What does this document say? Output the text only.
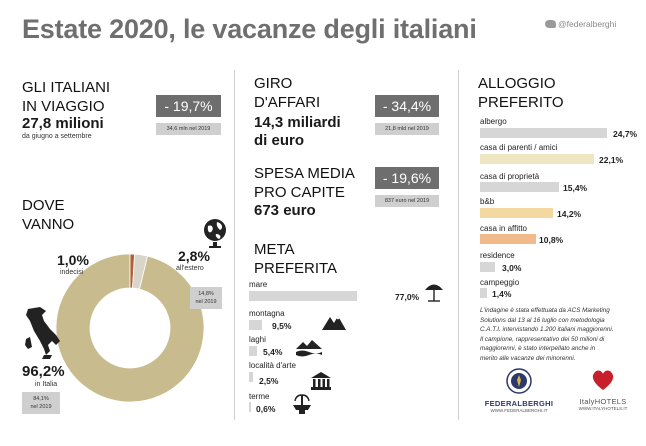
Estate 2020, le vacanze degli italiani	@federalberghi
GLI ITALIANI
IN VIAGGIO
27,8 milioni
da giugno a settembre
- 19,7%
34,6 mln nel 2019
DOVE
VANNO
1,0%
indecisi
2,8%
all'estero
14,8%
nel 2019
96,2%
in Italia
84,1%
nel 2019
GIRO
D'AFFARI
14,3 miliardi
di euro
- 34,4%
21,8 mld nel 2019
SPESA MEDIA
PRO CAPITE
673 euro
- 19,6%
837 euro nel 2019
META
PREFERITA
mare
77,0%
montagna
9,5%
laghi
5,4%
località d'arte
2,5%
terme
0,6%
ALLOGGIO
PREFERITO
albergo
24,7%
casa di parenti / amici
22,1%
casa di proprietà
15,4%
b&b
14,2%
casa in affitto
10,8%
residence
3,0%
campeggio
1,4%
L'indagine è stata effettuata da ACS Marketing
Solutions dal 13 al 16 luglio con metodologia
C.A.T.I. intervistando 1.200 italiani maggiorenni.
Il campione, rappresentativo dei 50 milioni di
maggiorenni, è stato interpellato anche in
merito alle vacanze dei minorenni.
FEDERALBERGHI
WWW.FEDERALBERGHI.IT
ItalyHOTELS
WWW.ITALYHOTELS.IT
